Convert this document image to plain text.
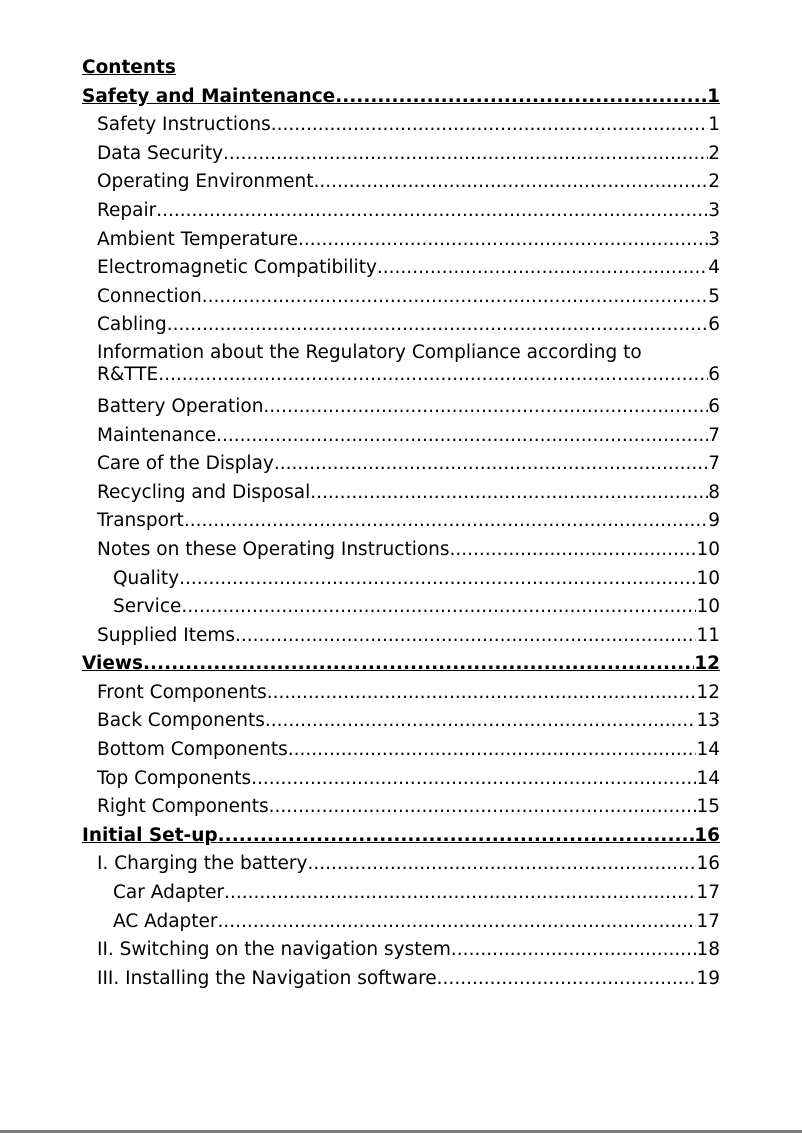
Contents
Safety and Maintenance .....	1
Safety Instructions .....	1
Data Security .....	2
Operating Environment .....	2
Repair .....	3
Ambient Temperature .....	3
Electromagnetic Compatibility .....	4
Connection .....	5
Cabling .....	6
Information about the Regulatory Compliance according to
R&TTE .....	6
Battery Operation .....	6
Maintenance .....	7
Care of the Display .....	7
Recycling and Disposal .....	8
Transport .....	9
Notes on these Operating Instructions .....	10
Quality .....	10
Service .....	10
Supplied Items .....	11
Views .....	12
Front Components .....	12
Back Components .....	13
Bottom Components .....	14
Top Components .....	14
Right Components .....	15
Initial Set-up .....	16
I. Charging the battery .....	16
Car Adapter .....	17
AC Adapter .....	17
II. Switching on the navigation system .....	18
III. Installing the Navigation software .....	19
